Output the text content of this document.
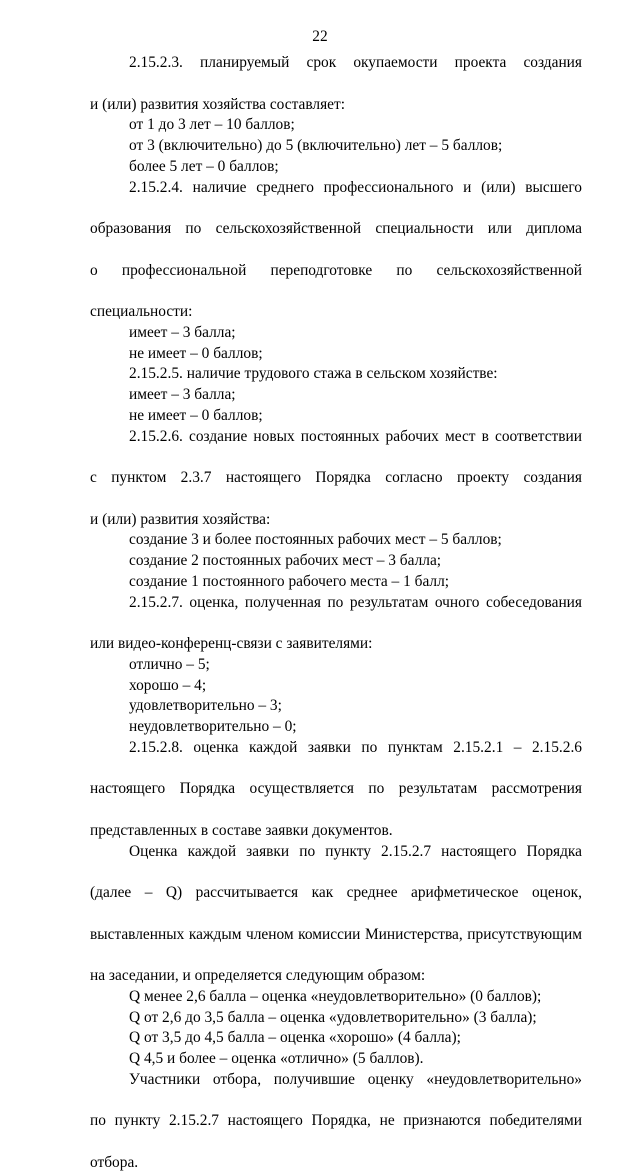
22
2.15.2.3. планируемый срок окупаемости проекта создания
и (или) развития хозяйства составляет:
от 1 до 3 лет – 10 баллов;
от 3 (включительно) до 5 (включительно) лет – 5 баллов;
более 5 лет – 0 баллов;
2.15.2.4. наличие среднего профессионального и (или) высшего
образования по сельскохозяйственной специальности или диплома
о профессиональной переподготовке по сельскохозяйственной
специальности:
имеет – 3 балла;
не имеет – 0 баллов;
2.15.2.5. наличие трудового стажа в сельском хозяйстве:
имеет – 3 балла;
не имеет – 0 баллов;
2.15.2.6. создание новых постоянных рабочих мест в соответствии
с пунктом 2.3.7 настоящего Порядка согласно проекту создания
и (или) развития хозяйства:
создание 3 и более постоянных рабочих мест – 5 баллов;
создание 2 постоянных рабочих мест – 3 балла;
создание 1 постоянного рабочего места – 1 балл;
2.15.2.7. оценка, полученная по результатам очного собеседования
или видео-конференц-связи с заявителями:
отлично – 5;
хорошо – 4;
удовлетворительно – 3;
неудовлетворительно – 0;
2.15.2.8. оценка каждой заявки по пунктам 2.15.2.1 – 2.15.2.6
настоящего Порядка осуществляется по результатам рассмотрения
представленных в составе заявки документов.
Оценка каждой заявки по пункту 2.15.2.7 настоящего Порядка
(далее – Q) рассчитывается как среднее арифметическое оценок,
выставленных каждым членом комиссии Министерства, присутствующим
на заседании, и определяется следующим образом:
Q менее 2,6 балла – оценка «неудовлетворительно» (0 баллов);
Q от 2,6 до 3,5 балла – оценка «удовлетворительно» (3 балла);
Q от 3,5 до 4,5 балла – оценка «хорошо» (4 балла);
Q 4,5 и более – оценка «отлично» (5 баллов).
Участники отбора, получившие оценку «неудовлетворительно»
по пункту 2.15.2.7 настоящего Порядка, не признаются победителями
отбора.
